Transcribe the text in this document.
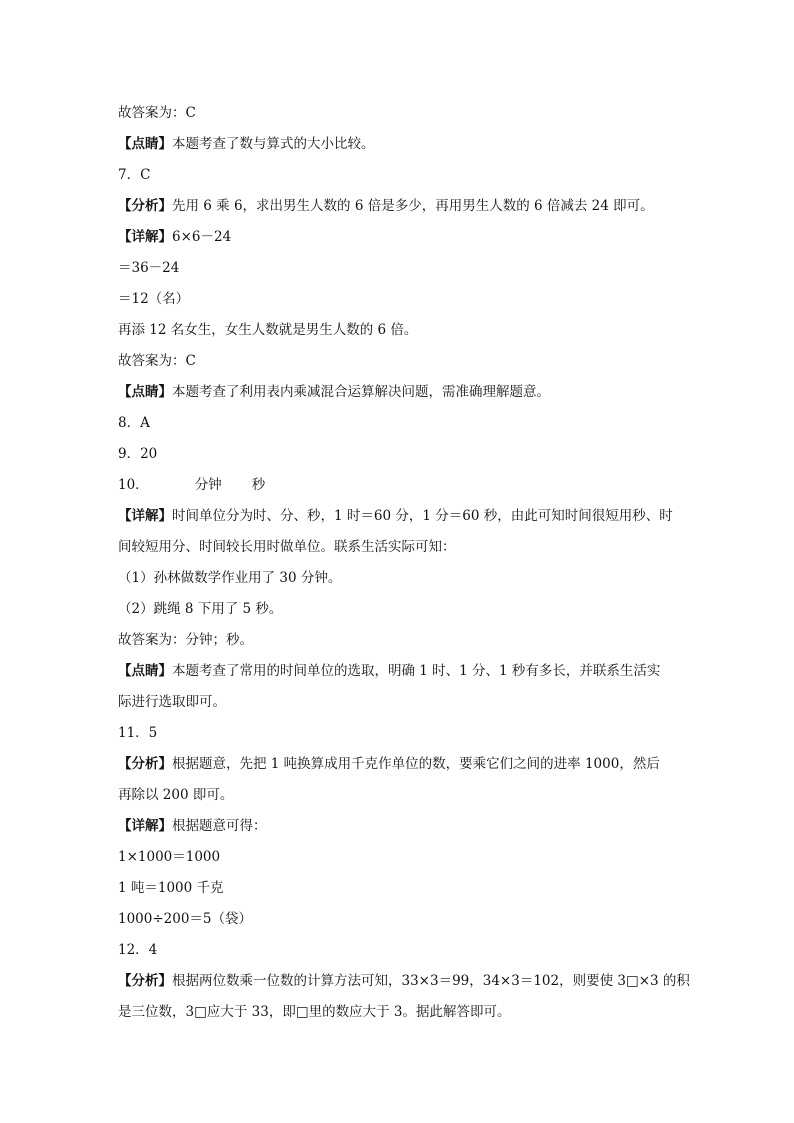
故答案为：C
【点睛】本题考查了数与算式的大小比较。
7．C
【分析】先用 6 乘 6，求出男生人数的 6 倍是多少，再用男生人数的 6 倍减去 24 即可。
【详解】6×6－24
＝36－24
＝12（名）
再添 12 名女生，女生人数就是男生人数的 6 倍。
故答案为：C
【点睛】本题考查了利用表内乘减混合运算解决问题，需准确理解题意。
8．A
9．20
10．	分钟 秒
【详解】时间单位分为时、分、秒，1 时＝60 分，1 分＝60 秒，由此可知时间很短用秒、时
间较短用分、时间较长用时做单位。联系生活实际可知：
（1）孙林做数学作业用了 30 分钟。
（2）跳绳 8 下用了 5 秒。
故答案为：分钟；秒。
【点睛】本题考查了常用的时间单位的选取，明确 1 时、1 分、1 秒有多长，并联系生活实
际进行选取即可。
11．5
【分析】根据题意，先把 1 吨换算成用千克作单位的数，要乘它们之间的进率 1000，然后
再除以 200 即可。
【详解】根据题意可得：
1×1000＝1000
1 吨＝1000 千克
1000÷200＝5（袋）
12．4
【分析】根据两位数乘一位数的计算方法可知，33×3＝99，34×3＝102，则要使 3□×3 的积
是三位数，3□应大于 33，即□里的数应大于 3。据此解答即可。
